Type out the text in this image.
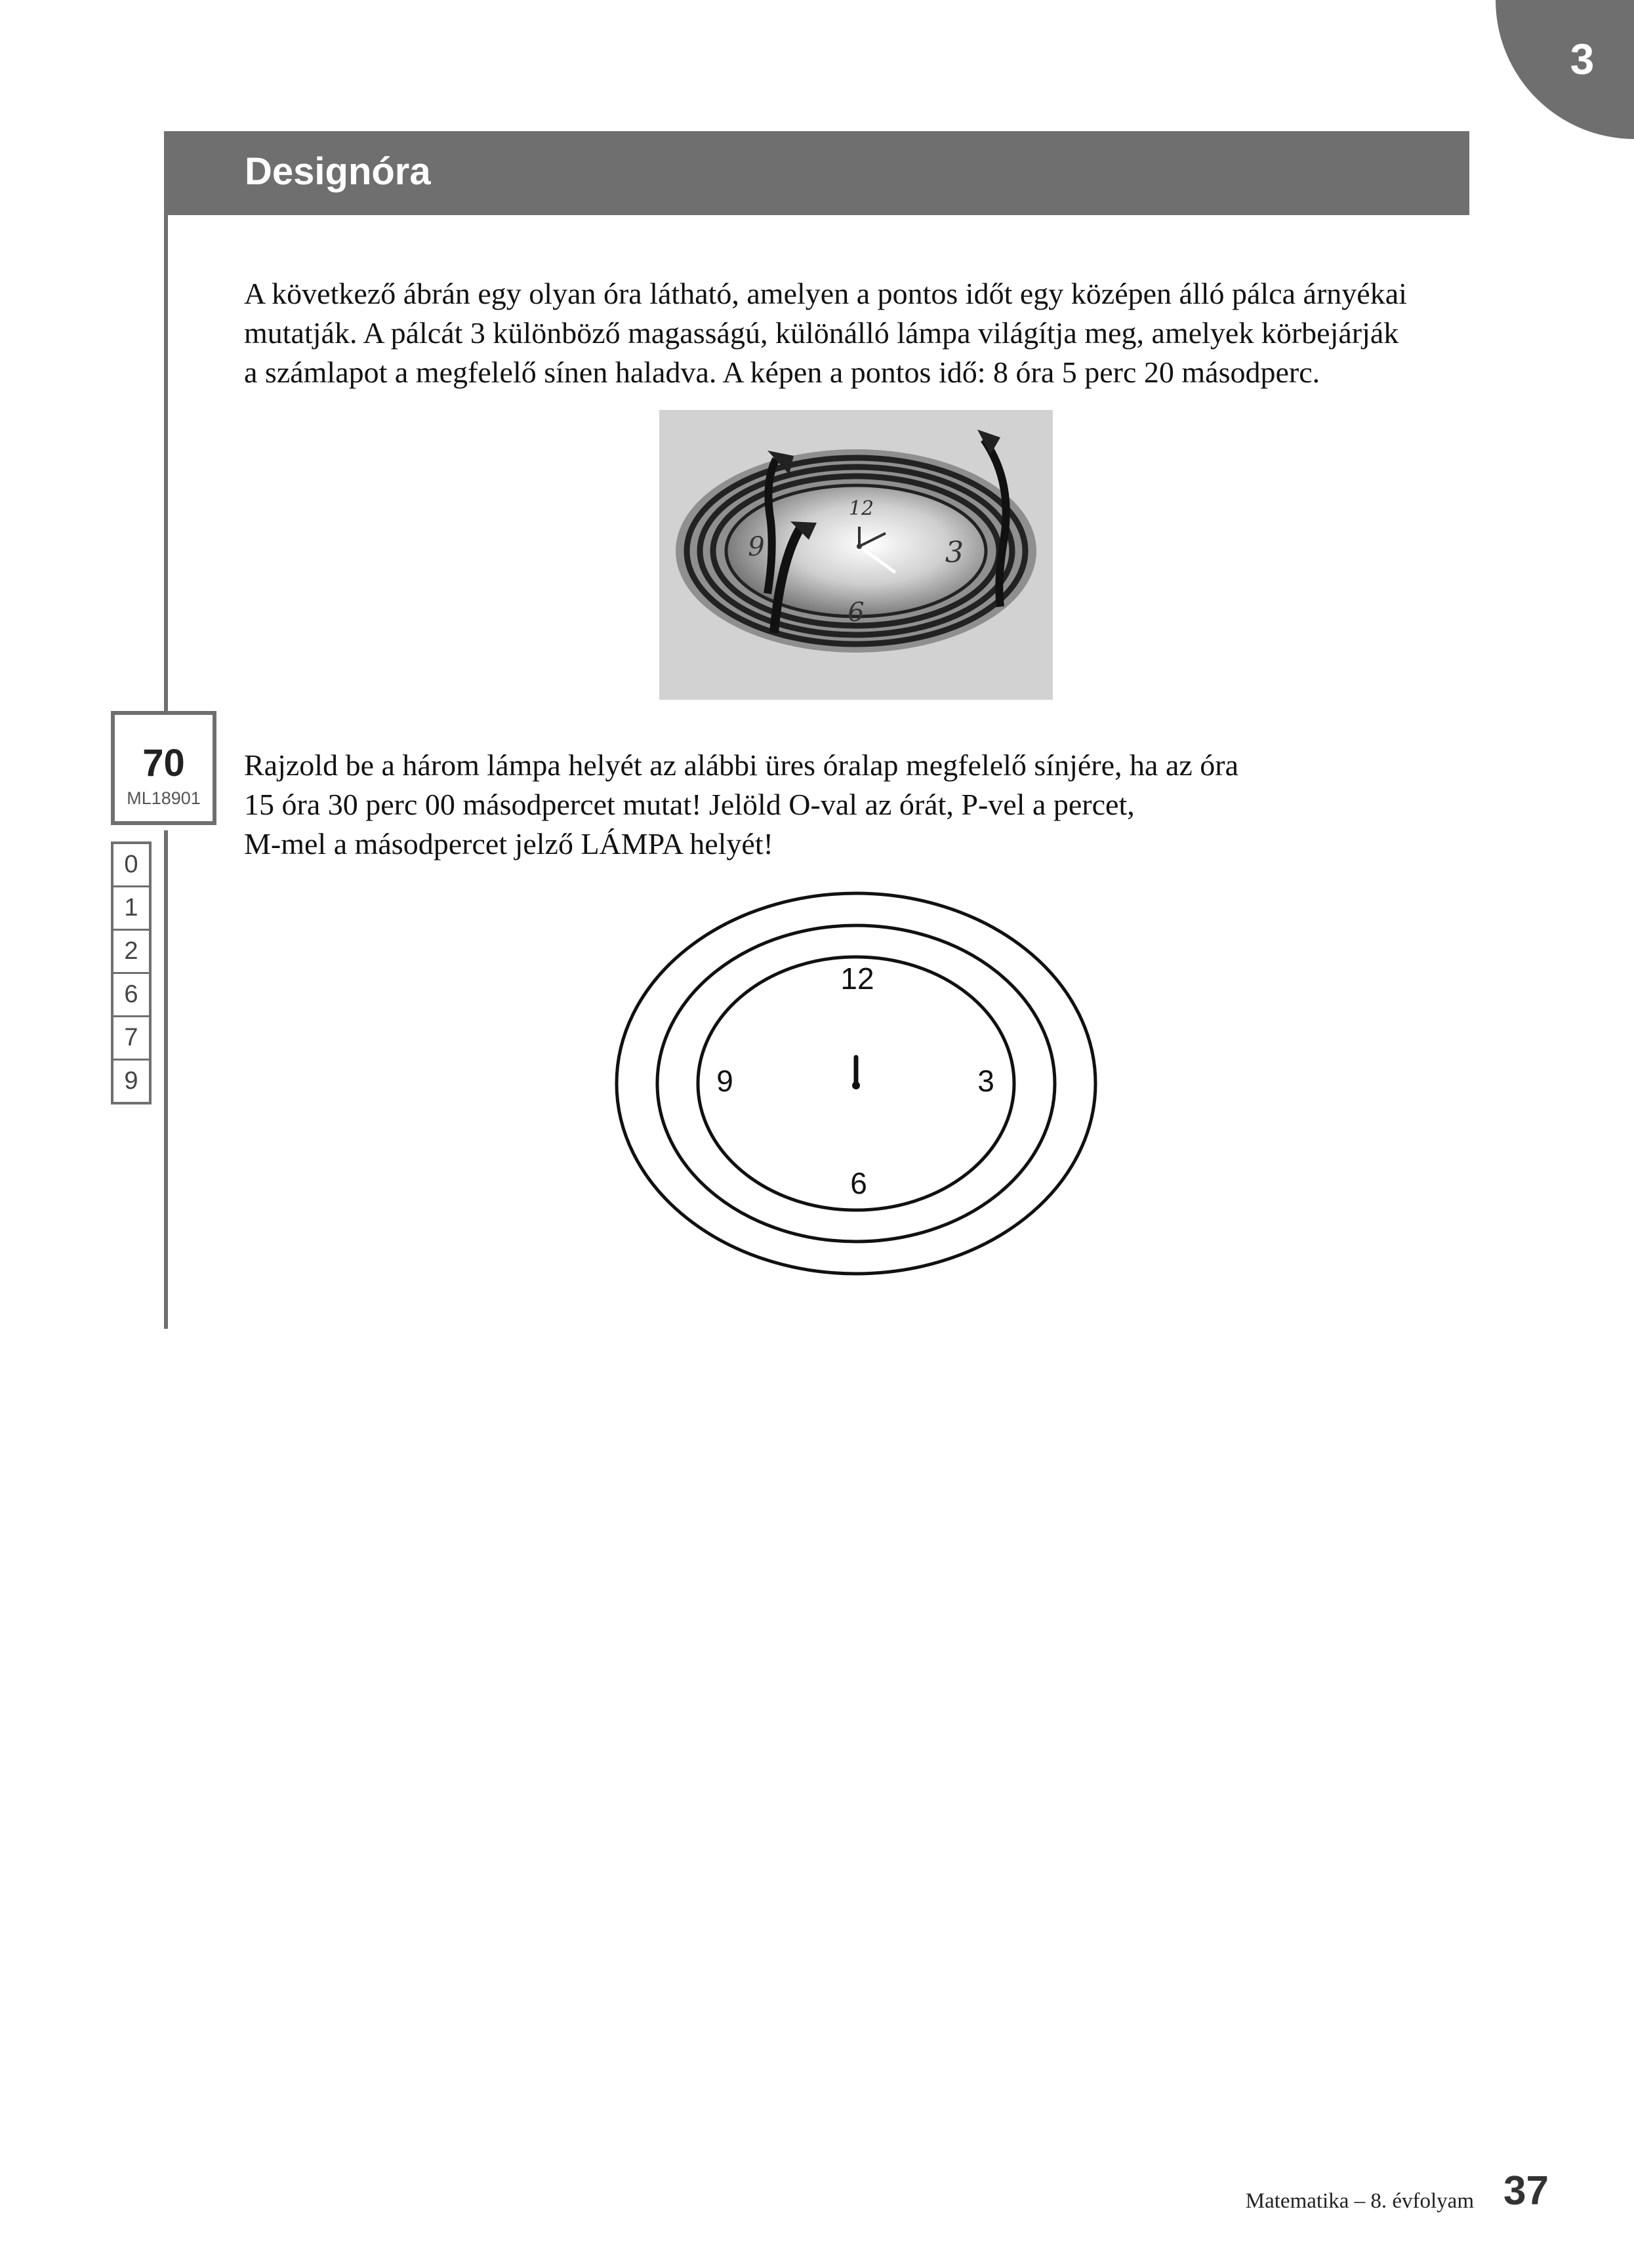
3
Designóra
A következő ábrán egy olyan óra látható, amelyen a pontos időt egy középen álló pálca árnyékai
mutatják. A pálcát 3 különböző magasságú, különálló lámpa világítja meg, amelyek körbejárják
a számlapot a megfelelő sínen haladva. A képen a pontos idő: 8 óra 5 perc 20 másodperc.
12
3
6
9
70
ML18901
0
1
2
6
7
9
Rajzold be a három lámpa helyét az alábbi üres óralap megfelelő sínjére, ha az óra
15 óra 30 perc 00 másodpercet mutat! Jelöld O-val az órát, P-vel a percet,
M-mel a másodpercet jelző LÁMPA helyét!
12
3
6
9
Matematika – 8. évfolyam 37
